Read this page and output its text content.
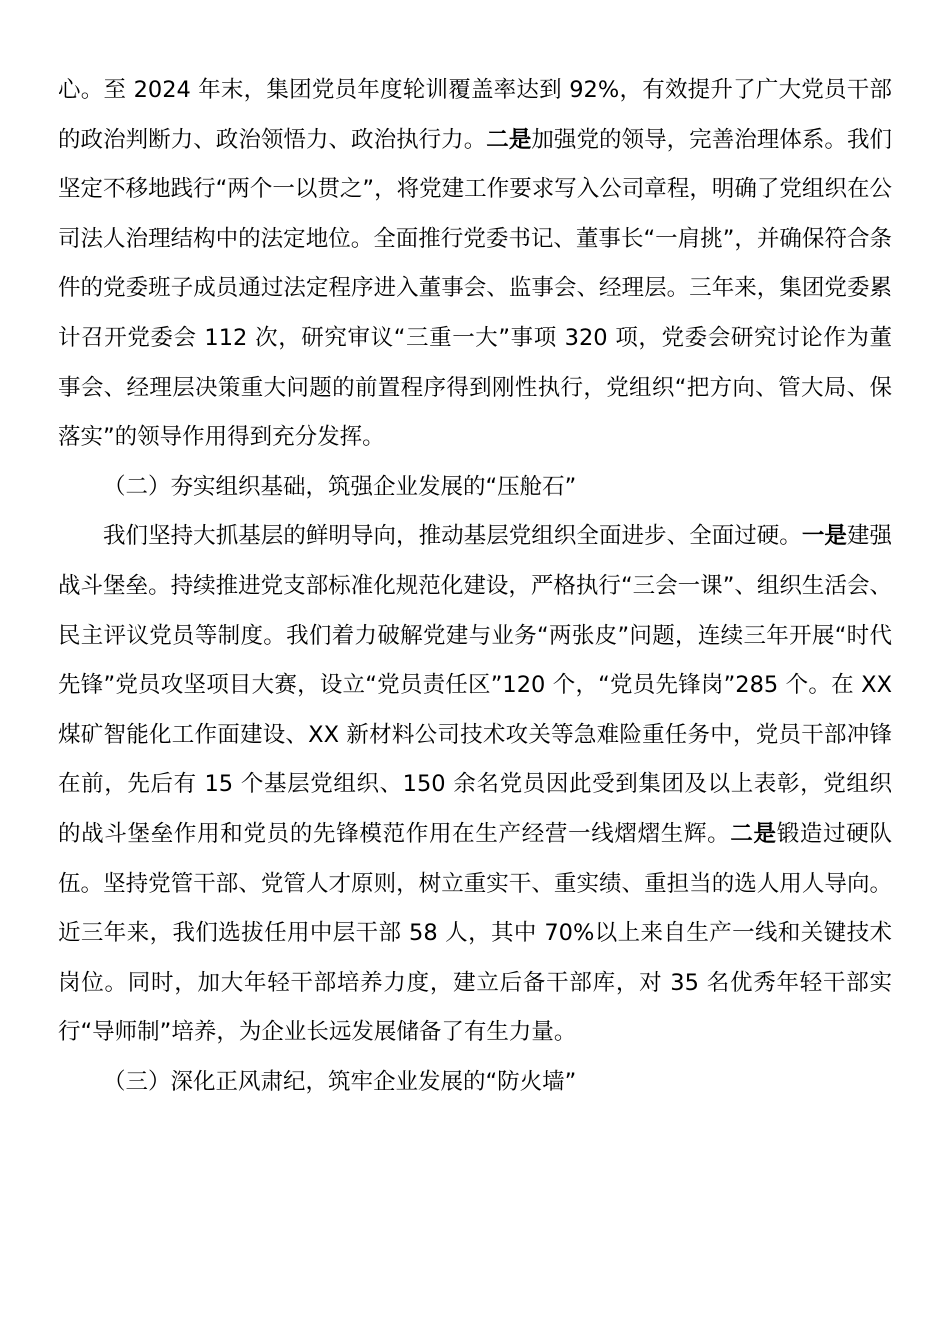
心。至 2024 年末，集团党员年度轮训覆盖率达到 92%，有效提升了广大党员干部的政治判断力、政治领悟力、政治执行力。二是加强党的领导，完善治理体系。我们坚定不移地践行“两个一以贯之”，将党建工作要求写入公司章程，明确了党组织在公司法人治理结构中的法定地位。全面推行党委书记、董事长“一肩挑”，并确保符合条件的党委班子成员通过法定程序进入董事会、监事会、经理层。三年来，集团党委累计召开党委会 112 次，研究审议“三重一大”事项 320 项，党委会研究讨论作为董事会、经理层决策重大问题的前置程序得到刚性执行，党组织“把方向、管大局、保落实”的领导作用得到充分发挥。

（二）夯实组织基础，筑强企业发展的“压舱石”

我们坚持大抓基层的鲜明导向，推动基层党组织全面进步、全面过硬。一是建强战斗堡垒。持续推进党支部标准化规范化建设，严格执行“三会一课”、组织生活会、民主评议党员等制度。我们着力破解党建与业务“两张皮”问题，连续三年开展“时代先锋”党员攻坚项目大赛，设立“党员责任区”120 个，“党员先锋岗”285 个。在 XX 煤矿智能化工作面建设、XX 新材料公司技术攻关等急难险重任务中，党员干部冲锋在前，先后有 15 个基层党组织、150 余名党员因此受到集团及以上表彰，党组织的战斗堡垒作用和党员的先锋模范作用在生产经营一线熠熠生辉。二是锻造过硬队伍。坚持党管干部、党管人才原则，树立重实干、重实绩、重担当的选人用人导向。近三年来，我们选拔任用中层干部 58 人，其中 70%以上来自生产一线和关键技术岗位。同时，加大年轻干部培养力度，建立后备干部库，对 35 名优秀年轻干部实行“导师制”培养，为企业长远发展储备了有生力量。

（三）深化正风肃纪，筑牢企业发展的“防火墙”
